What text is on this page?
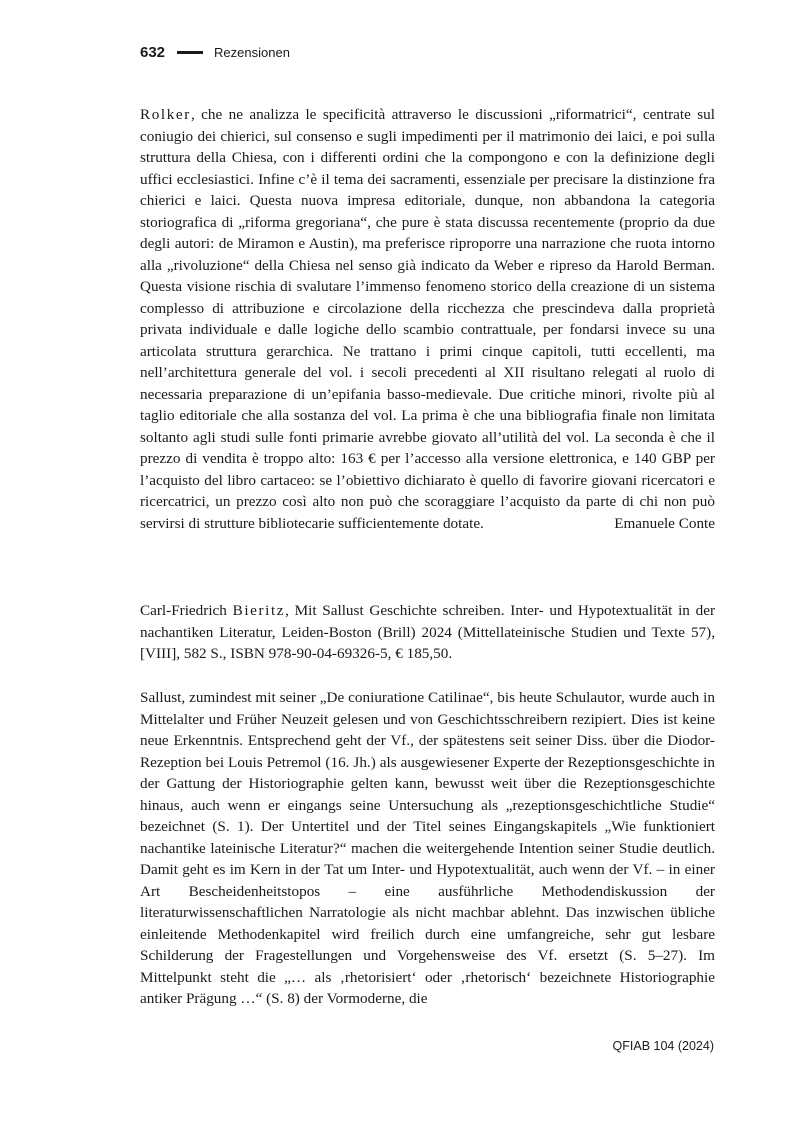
632	Rezensionen

Rolker, che ne analizza le specificità attraverso le discussioni „riformatrici“, centrate sul coniugio dei chierici, sul consenso e sugli impedimenti per il matrimonio dei laici, e poi sulla struttura della Chiesa, con i differenti ordini che la compongono e con la definizione degli uffici ecclesiastici. Infine c’è il tema dei sacramenti, essenziale per precisare la distinzione fra chierici e laici. Questa nuova impresa editoriale, dunque, non abbandona la categoria storiografica di „riforma gregoriana“, che pure è stata discussa recentemente (proprio da due degli autori: de Miramon e Austin), ma preferisce riproporre una narrazione che ruota intorno alla „rivoluzione“ della Chiesa nel senso già indicato da Weber e ripreso da Harold Berman. Questa visione rischia di svalutare l’immenso fenomeno storico della creazione di un sistema complesso di attribuzione e circolazione della ricchezza che prescindeva dalla proprietà privata individuale e dalle logiche dello scambio contrattuale, per fondarsi invece su una articolata struttura gerarchica. Ne trattano i primi cinque capitoli, tutti eccellenti, ma nell’architettura generale del vol. i secoli precedenti al XII risultano relegati al ruolo di necessaria preparazione di un’epifania basso-medievale. Due critiche minori, rivolte più al taglio editoriale che alla sostanza del vol. La prima è che una bibliografia finale non limitata soltanto agli studi sulle fonti primarie avrebbe giovato all’utilità del vol. La seconda è che il prezzo di vendita è troppo alto: 163 € per l’accesso alla versione elettronica, e 140 GBP per l’acquisto del libro cartaceo: se l’obiettivo dichiarato è quello di favorire giovani ricercatori e ricercatrici, un prezzo così alto non può che scoraggiare l’acquisto da parte di chi non può servirsi di strutture bibliotecarie sufficientemente dotate.	Emanuele Conte

Carl-Friedrich Bieritz, Mit Sallust Geschichte schreiben. Inter- und Hypotextualität in der nachantiken Literatur, Leiden-Boston (Brill) 2024 (Mittellateinische Studien und Texte 57), [VIII], 582 S., ISBN 978-90-04-69326-5, € 185,50.

Sallust, zumindest mit seiner „De coniuratione Catilinae“, bis heute Schulautor, wurde auch in Mittelalter und Früher Neuzeit gelesen und von Geschichtsschreibern rezipiert. Dies ist keine neue Erkenntnis. Entsprechend geht der Vf., der spätestens seit seiner Diss. über die Diodor-Rezeption bei Louis Petremol (16. Jh.) als ausgewiesener Experte der Rezeptionsgeschichte in der Gattung der Historiographie gelten kann, bewusst weit über die Rezeptionsgeschichte hinaus, auch wenn er eingangs seine Untersuchung als „rezeptionsgeschichtliche Studie“ bezeichnet (S. 1). Der Untertitel und der Titel seines Eingangskapitels „Wie funktioniert nachantike lateinische Literatur?“ machen die weitergehende Intention seiner Studie deutlich. Damit geht es im Kern in der Tat um Inter- und Hypotextualität, auch wenn der Vf. – in einer Art Bescheidenheitstopos – eine ausführliche Methodendiskussion der literaturwissenschaftlichen Narratologie als nicht machbar ablehnt. Das inzwischen übliche einleitende Methodenkapitel wird freilich durch eine umfangreiche, sehr gut lesbare Schilderung der Fragestellungen und Vorgehensweise des Vf. ersetzt (S. 5–27). Im Mittelpunkt steht die „… als ‚rhetorisiert‘ oder ‚rhetorisch‘ bezeichnete Historiographie antiker Prägung …“ (S. 8) der Vormoderne, die

QFIAB 104 (2024)
